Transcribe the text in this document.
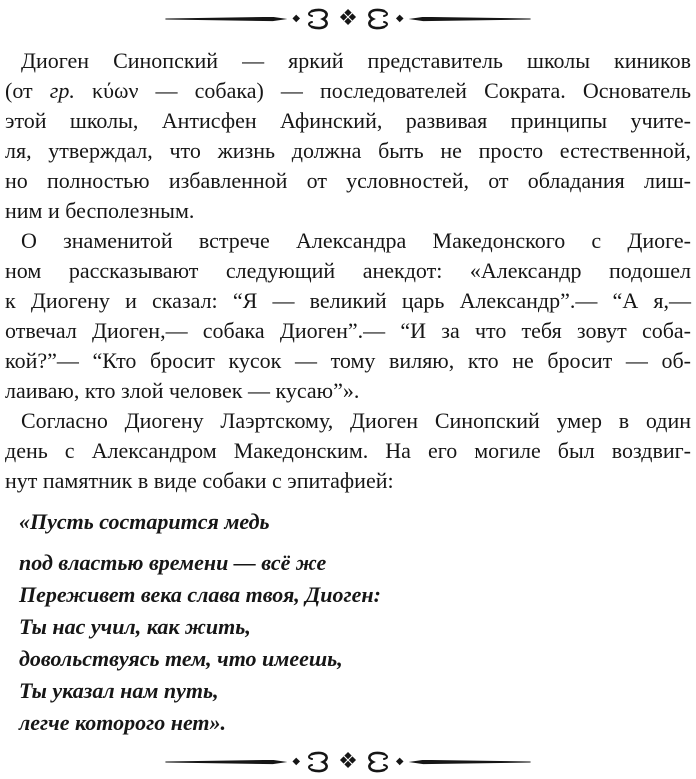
◆ ❖	◆
Диоген Синопский — яркий представитель школы киников
(от гр. κύων — собака) — последователей Сократа. Основатель
этой школы, Антисфен Афинский, развивая принципы учите-
ля, утверждал, что жизнь должна быть не просто естественной,
но полностью избавленной от условностей, от обладания лиш-
ним и бесполезным.
О знаменитой встрече Александра Македонского с Диоге-
ном рассказывают следующий анекдот: «Александр подошел
к Диогену и сказал: “Я — великий царь Александр”.— “А я,—
отвечал Диоген,— собака Диоген”.— “И за что тебя зовут соба-
кой?”— “Кто бросит кусок — тому виляю, кто не бросит — об-
лаиваю, кто злой человек — кусаю”».
Согласно Диогену Лаэртскому, Диоген Синопский умер в один
день с Александром Македонским. На его могиле был воздвиг-
нут памятник в виде собаки с эпитафией:
«Пусть состарится медь
под властью времени — всё же
Переживет века слава твоя, Диоген:
Ты нас учил, как жить,
довольствуясь тем, что имеешь,
Ты указал нам путь,
легче которого нет».
◆ ❖	◆
